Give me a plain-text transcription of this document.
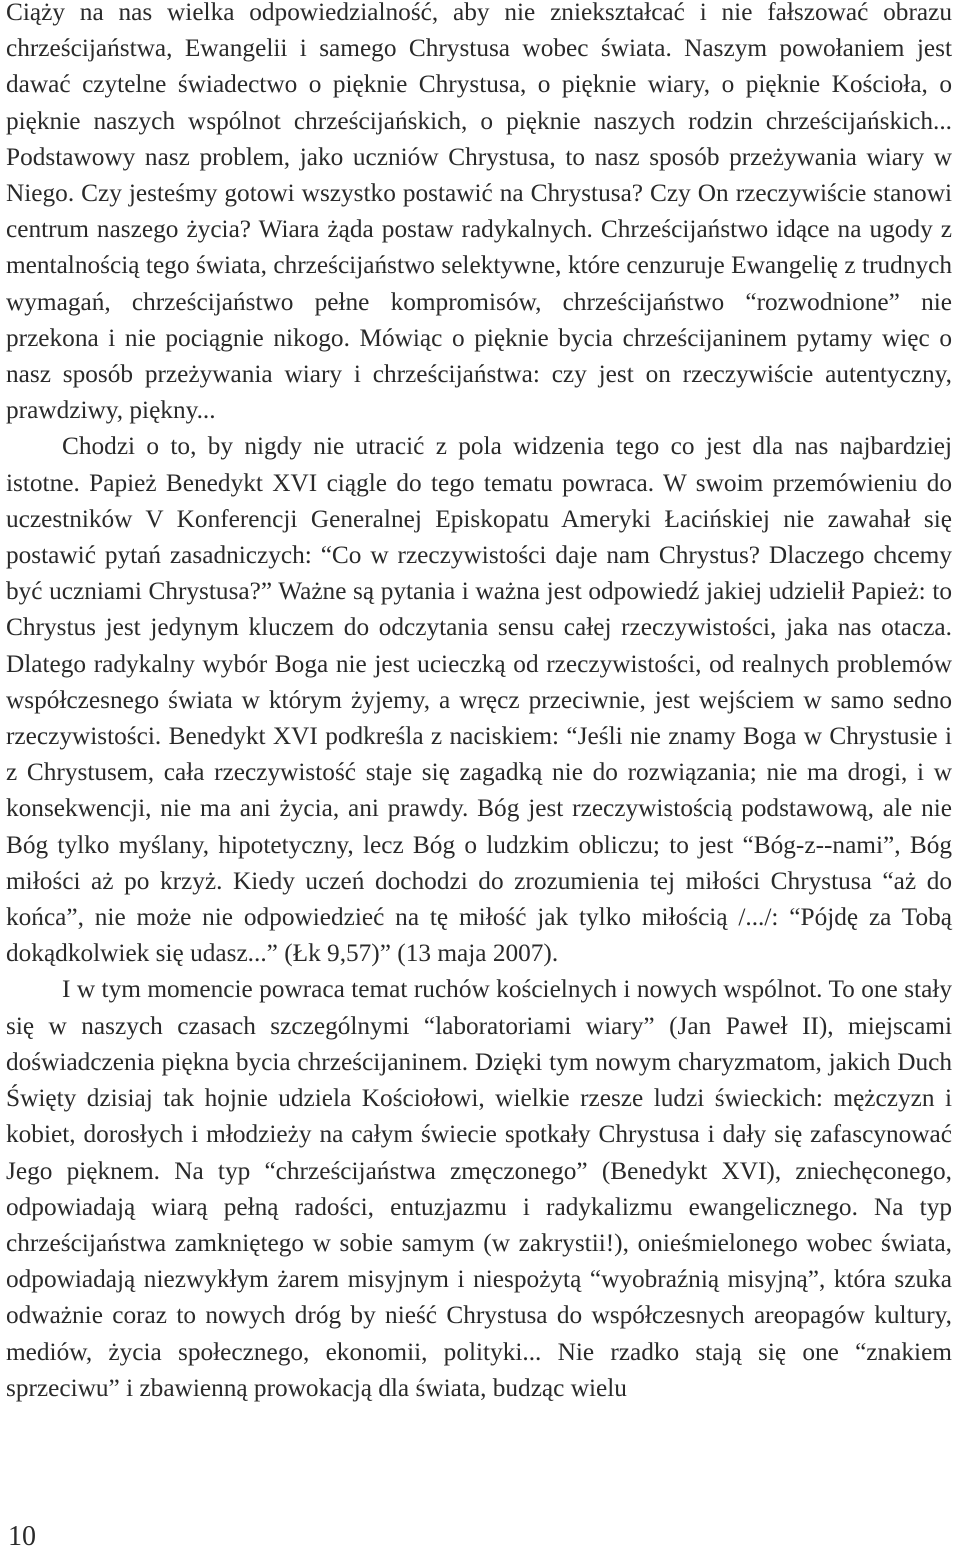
Ciąży na nas wielka odpowiedzialność, aby nie zniekształcać i nie fałszować obrazu chrześcijaństwa, Ewangelii i samego Chrystusa wobec świata. Naszym powołaniem jest dawać czytelne świadectwo o pięknie Chrystusa, o pięknie wiary, o pięknie Kościoła, o pięknie naszych wspólnot chrześcijańskich, o pięknie naszych rodzin chrześcijańskich... Podstawowy nasz problem, jako uczniów Chrystusa, to nasz sposób przeżywania wiary w Niego. Czy jesteśmy gotowi wszystko postawić na Chrystusa? Czy On rzeczywiście stanowi centrum naszego życia? Wiara żąda postaw radykalnych. Chrześcijaństwo idące na ugody z mentalnością tego świata, chrześcijaństwo selektywne, które cenzuruje Ewangelię z trudnych wymagań, chrześcijaństwo pełne kompromisów, chrześcijaństwo “rozwodnione” nie przekona i nie pociągnie nikogo. Mówiąc o pięknie bycia chrześcijaninem pytamy więc o nasz sposób przeżywania wiary i chrześcijaństwa: czy jest on rzeczywiście autentyczny, prawdziwy, piękny...

Chodzi o to, by nigdy nie utracić z pola widzenia tego co jest dla nas najbardziej istotne. Papież Benedykt XVI ciągle do tego tematu powraca. W swoim przemówieniu do uczestników V Konferencji Generalnej Episkopatu Ameryki Łacińskiej nie zawahał się postawić pytań zasadniczych: “Co w rzeczywistości daje nam Chrystus? Dlaczego chcemy być uczniami Chrystusa?” Ważne są pytania i ważna jest odpowiedź jakiej udzielił Papież: to Chrystus jest jedynym kluczem do odczytania sensu całej rzeczywistości, jaka nas otacza. Dlatego radykalny wybór Boga nie jest ucieczką od rzeczywistości, od realnych problemów współczesnego świata w którym żyjemy, a wręcz przeciwnie, jest wejściem w samo sedno rzeczywistości. Benedykt XVI podkreśla z naciskiem: “Jeśli nie znamy Boga w Chrystusie i z Chrystusem, cała rzeczywistość staje się zagadką nie do rozwiązania; nie ma drogi, i w konsekwencji, nie ma ani życia, ani prawdy. Bóg jest rzeczywistością podstawową, ale nie Bóg tylko myślany, hipotetyczny, lecz Bóg o ludzkim obliczu; to jest “Bóg-z--nami”, Bóg miłości aż po krzyż. Kiedy uczeń dochodzi do zrozumienia tej miłości Chrystusa “aż do końca”, nie może nie odpowiedzieć na tę miłość jak tylko miłością /.../: “Pójdę za Tobą dokądkolwiek się udasz...” (Łk 9,57)” (13 maja 2007).

I w tym momencie powraca temat ruchów kościelnych i nowych wspólnot. To one stały się w naszych czasach szczególnymi “laboratoriami wiary” (Jan Paweł II), miejscami doświadczenia piękna bycia chrześcijaninem. Dzięki tym nowym charyzmatom, jakich Duch Święty dzisiaj tak hojnie udziela Kościołowi, wielkie rzesze ludzi świeckich: mężczyzn i kobiet, dorosłych i młodzieży na całym świecie spotkały Chrystusa i dały się zafascynować Jego pięknem. Na typ “chrześcijaństwa zmęczonego” (Benedykt XVI), zniechęconego, odpowiadają wiarą pełną radości, entuzjazmu i radykalizmu ewangelicznego. Na typ chrześcijaństwa zamkniętego w sobie samym (w zakrystii!), onieśmielonego wobec świata, odpowiadają niezwykłym żarem misyjnym i niespożytą “wyobraźnią misyjną”, która szuka odważnie coraz to nowych dróg by nieść Chrystusa do współczesnych areopagów kultury, mediów, życia społecznego, ekonomii, polityki... Nie rzadko stają się one “znakiem sprzeciwu” i zbawienną prowokacją dla świata, budząc wielu

10
